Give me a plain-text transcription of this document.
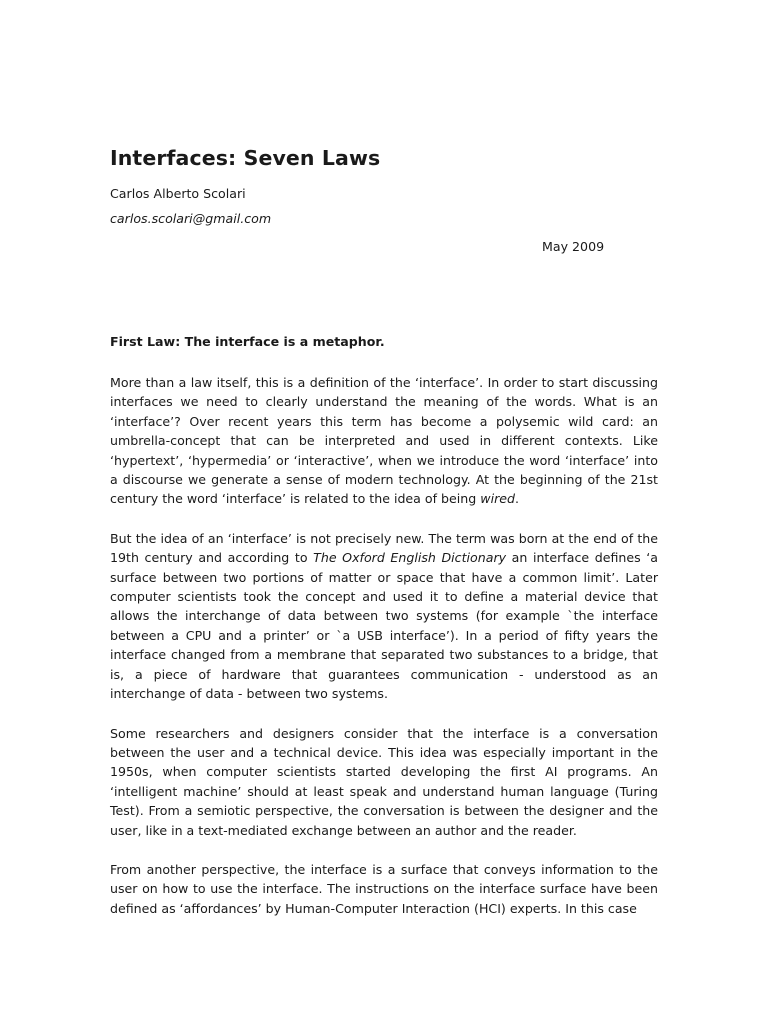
Interfaces: Seven Laws
Carlos Alberto Scolari
carlos.scolari@gmail.com
May 2009
First Law: The interface is a metaphor.

More than a law itself, this is a definition of the ‘interface’. In order to start discussing interfaces we need to clearly understand the meaning of the words. What is an ‘interface’? Over recent years this term has become a polysemic wild card: an umbrella-concept that can be interpreted and used in different contexts. Like ‘hypertext’, ‘hypermedia’ or ‘interactive’, when we introduce the word ‘interface’ into a discourse we generate a sense of modern technology. At the beginning of the 21st century the word ‘interface’ is related to the idea of being wired.

But the idea of an ‘interface’ is not precisely new. The term was born at the end of the 19th century and according to The Oxford English Dictionary an interface defines ‘a surface between two portions of matter or space that have a common limit’. Later computer scientists took the concept and used it to define a material device that allows the interchange of data between two systems (for example `the interface between a CPU and a printer’ or `a USB interface’). In a period of fifty years the interface changed from a membrane that separated two substances to a bridge, that is, a piece of hardware that guarantees communication - understood as an interchange of data - between two systems.

Some researchers and designers consider that the interface is a conversation between the user and a technical device. This idea was especially important in the 1950s, when computer scientists started developing the first AI programs. An ‘intelligent machine’ should at least speak and understand human language (Turing Test). From a semiotic perspective, the conversation is between the designer and the user, like in a text-mediated exchange between an author and the reader.

From another perspective, the interface is a surface that conveys information to the user on how to use the interface. The instructions on the interface surface have been defined as ‘affordances’ by Human-Computer Interaction (HCI) experts. In this case
